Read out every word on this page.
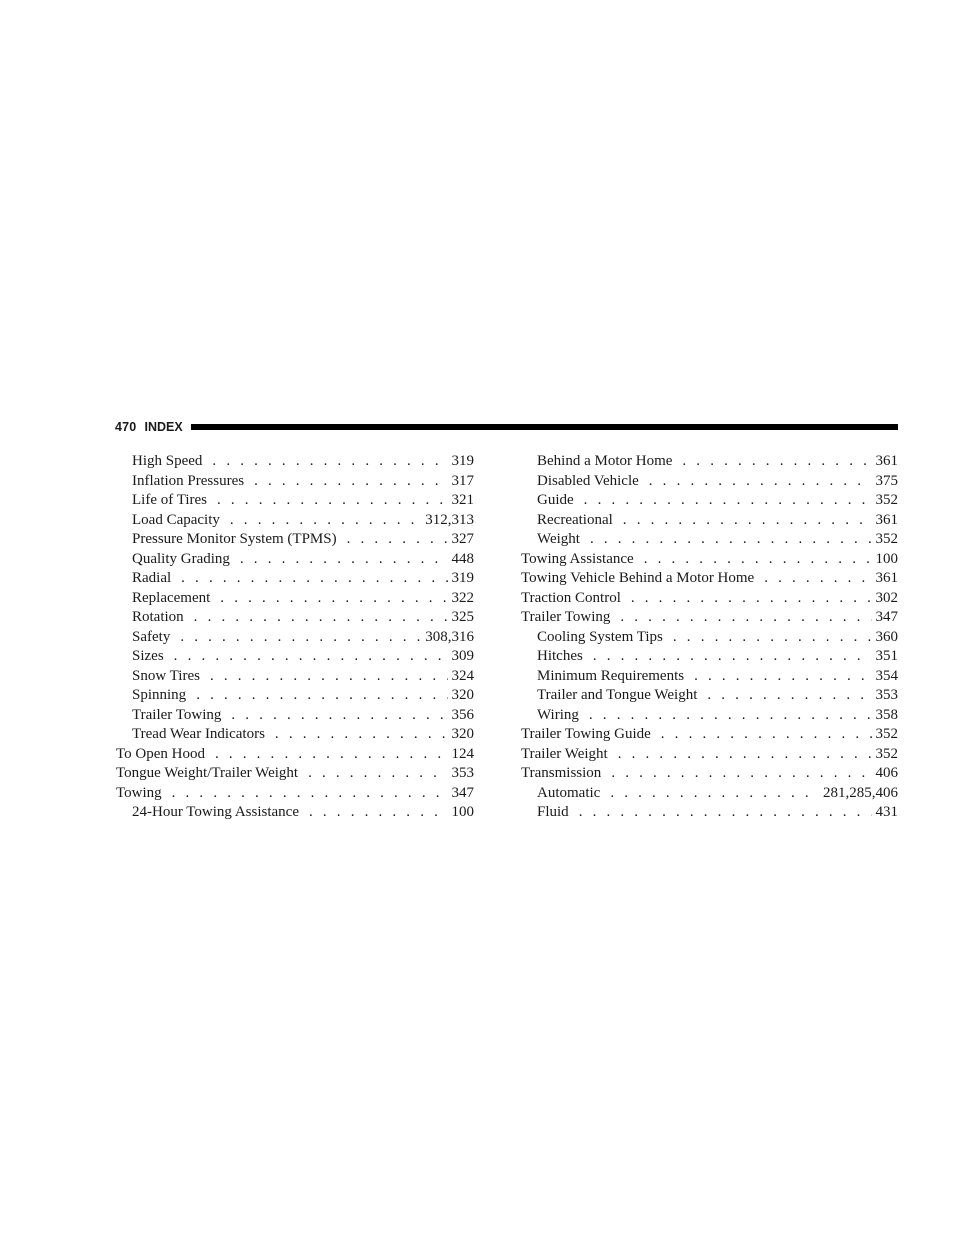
470 INDEX
High Speed . . .	319
Inflation Pressures . . .	317
Life of Tires . . .	321
Load Capacity . . .	312,313
Pressure Monitor System (TPMS) . . .	327
Quality Grading . . .	448
Radial . . .	319
Replacement . . .	322
Rotation . . .	325
Safety . . .	308,316
Sizes . . .	309
Snow Tires . . .	324
Spinning . . .	320
Trailer Towing . . .	356
Tread Wear Indicators . . .	320
To Open Hood . . .	124
Tongue Weight/Trailer Weight . . .	353
Towing . . .	347
24-Hour Towing Assistance . . .	100
Behind a Motor Home . . .	361
Disabled Vehicle . . .	375
Guide . . .	352
Recreational . . .	361
Weight . . .	352
Towing Assistance . . .	100
Towing Vehicle Behind a Motor Home . . .	361
Traction Control . . .	302
Trailer Towing . . .	347
Cooling System Tips . . .	360
Hitches . . .	351
Minimum Requirements . . .	354
Trailer and Tongue Weight . . .	353
Wiring . . .	358
Trailer Towing Guide . . .	352
Trailer Weight . . .	352
Transmission . . .	406
Automatic . . .	281,285,406
Fluid . . .	431
